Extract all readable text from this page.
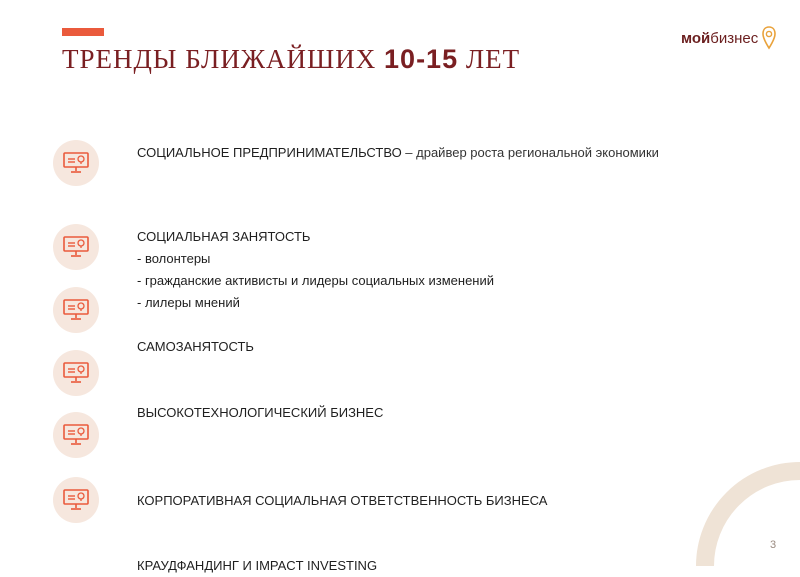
ТРЕНДЫ БЛИЖАЙШИХ 10-15 ЛЕТ
мой бизнес
СОЦИАЛЬНОЕ ПРЕДПРИНИМАТЕЛЬСТВО – драйвер роста региональной экономики
СОЦИАЛЬНАЯ ЗАНЯТОСТЬ
- волонтеры
- гражданские активисты и лидеры социальных изменений
- лилеры мнений
САМОЗАНЯТОСТЬ
ВЫСОКОТЕХНОЛОГИЧЕСКИЙ БИЗНЕС
КОРПОРАТИВНАЯ СОЦИАЛЬНАЯ ОТВЕТСТВЕННОСТЬ БИЗНЕСА
КРАУДФАНДИНГ И IMPACT INVESTING
3
